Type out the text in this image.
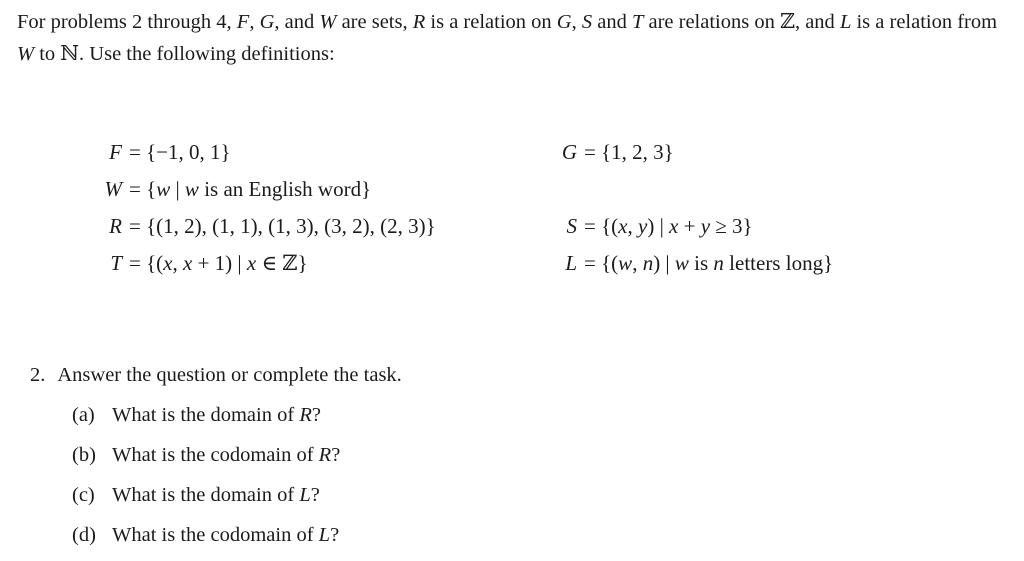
For problems 2 through 4, F, G, and W are sets, R is a relation on G, S and T are relations on ℤ, and L is a relation from W to ℕ. Use the following definitions:

F = {−1, 0, 1}
W = {w | w is an English word}
R = {(1, 2), (1, 1), (1, 3), (3, 2), (2, 3)}
T = {(x, x + 1) | x ∈ ℤ}
G = {1, 2, 3}
S = {(x, y) | x + y ≥ 3}
L = {(w, n) | w is n letters long}
2. Answer the question or complete the task.
(a) What is the domain of R?
(b) What is the codomain of R?
(c) What is the domain of L?
(d) What is the codomain of L?
